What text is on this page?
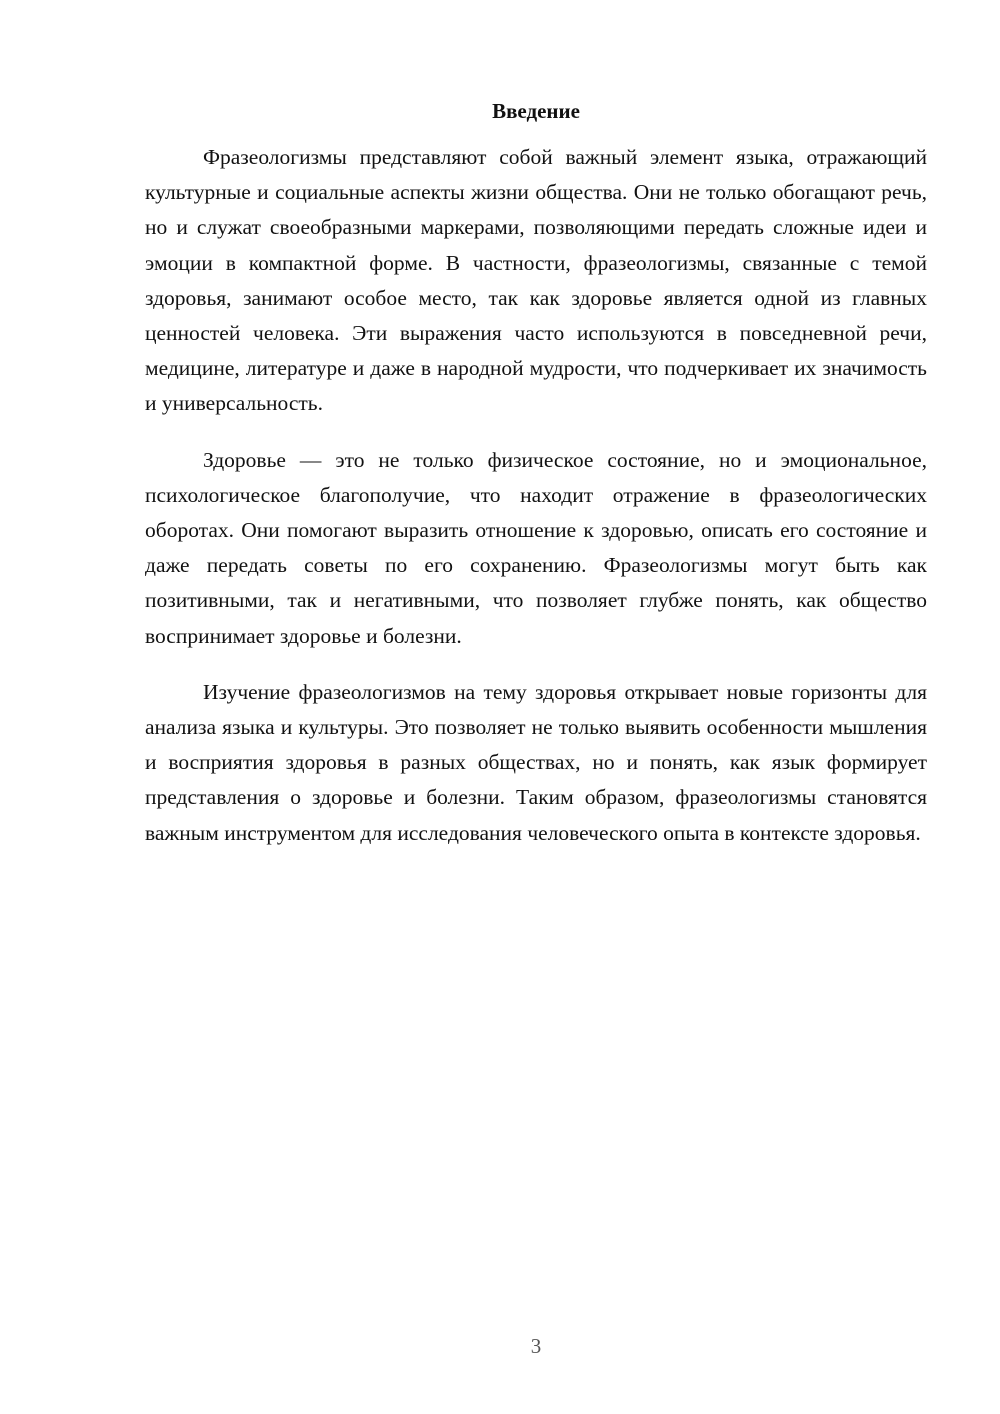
Введение

Фразеологизмы представляют собой важный элемент языка, отражающий культурные и социальные аспекты жизни общества. Они не только обогащают речь, но и служат своеобразными маркерами, позволяющими передать сложные идеи и эмоции в компактной форме. В частности, фразеологизмы, связанные с темой здоровья, занимают особое место, так как здоровье является одной из главных ценностей человека. Эти выражения часто используются в повседневной речи, медицине, литературе и даже в народной мудрости, что подчеркивает их значимость и универсальность.

Здоровье — это не только физическое состояние, но и эмоциональное, психологическое благополучие, что находит отражение в фразеологических оборотах. Они помогают выразить отношение к здоровью, описать его состояние и даже передать советы по его сохранению. Фразеологизмы могут быть как позитивными, так и негативными, что позволяет глубже понять, как общество воспринимает здоровье и болезни.

Изучение фразеологизмов на тему здоровья открывает новые горизонты для анализа языка и культуры. Это позволяет не только выявить особенности мышления и восприятия здоровья в разных обществах, но и понять, как язык формирует представления о здоровье и болезни. Таким образом, фразеологизмы становятся важным инструментом для исследования человеческого опыта в контексте здоровья.

3
